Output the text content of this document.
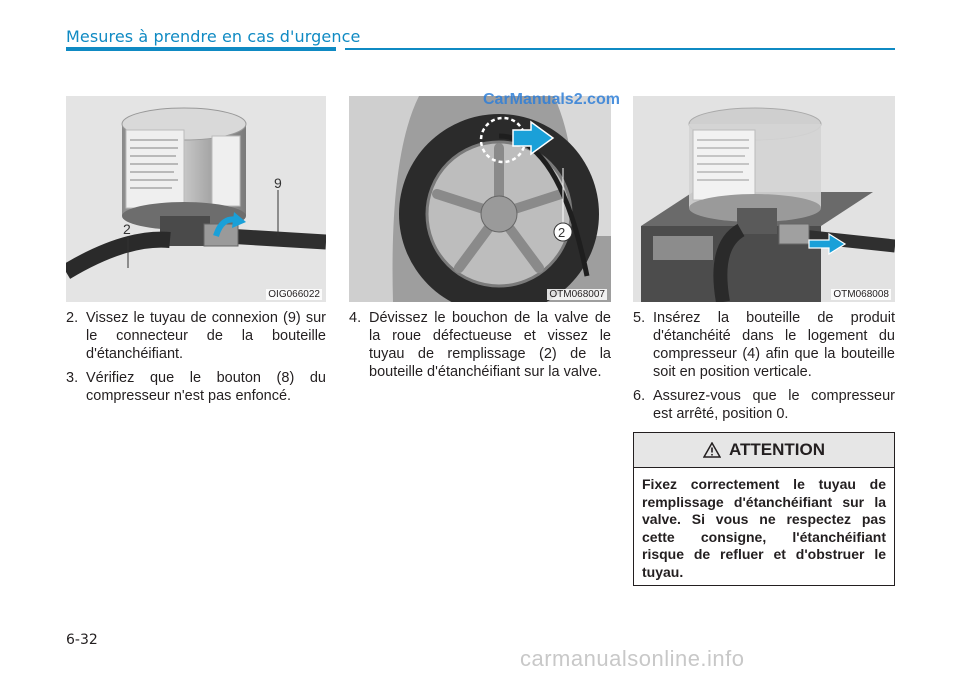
Mesures à prendre en cas d'urgence
2
9
OIG066022
2
OTM068007	OTM068008
CarManuals2.com
2. Vissez le tuyau de connexion (9) sur le connecteur de la bouteille d'étanchéifiant.
3. Vérifiez que le bouton (8) du compresseur n'est pas enfoncé.
4. Dévissez le bouchon de la valve de la roue défectueuse et vissez le tuyau de remplissage (2) de la bouteille d'étanchéifiant sur la valve.
5. Insérez la bouteille de produit d'étanchéité dans le logement du compresseur (4) afin que la bouteille soit en position verticale.
6. Assurez-vous que le compresseur est arrêté, position 0.
ATTENTION
Fixez correctement le tuyau de remplissage d'étanchéifiant sur la valve. Si vous ne respectez pas cette consigne, l'étanchéifiant risque de refluer et d'obstruer le tuyau.
6-32
carmanualsonline.info
